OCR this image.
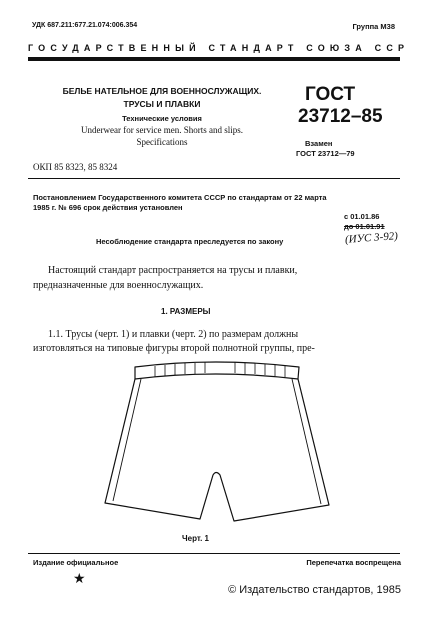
УДК 687.211:677.21.074:006.354	Группа М38
ГОСУДАРСТВЕННЫЙ СТАНДАРТ СОЮЗА ССР
БЕЛЬЕ НАТЕЛЬНОЕ ДЛЯ ВОЕННОСЛУЖАЩИХ.
ТРУСЫ И ПЛАВКИ
Технические условия
Underwear for service men. Shorts and slips.
Specifications
ГОСТ
23712–85
Взамен
ГОСТ 23712—79
ОКП 85 8323, 85 8324
Постановлением Государственного комитета СССР по стандартам от 22 марта
1985 г. № 696 срок действия установлен
с 01.01.86
до 01.01.91
Несоблюдение стандарта преследуется по закону	(ИУС 3-92)
Настоящий стандарт распространяется на трусы и плавки,
предназначенные для военнослужащих.
1. РАЗМЕРЫ
1.1. Трусы (черт. 1) и плавки (черт. 2) по размерам должны
изготовляться на типовые фигуры второй полнотной группы, пре-
Черт. 1
Издание официальное
★
Перепечатка воспрещена
© Издательство стандартов, 1985
